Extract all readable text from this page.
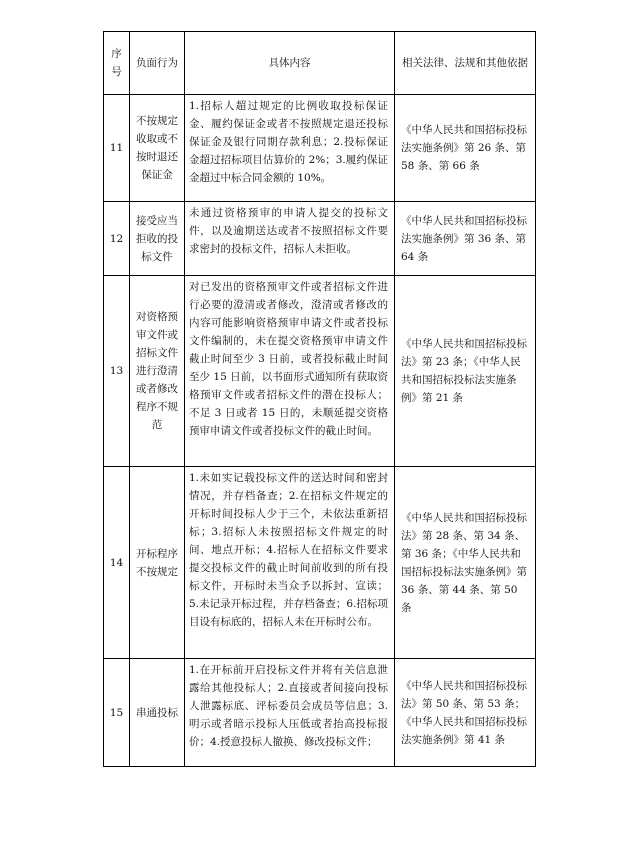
序号	负面行为	具体内容	相关法律、法规和其他依据

11	不按规定收取或不按时退还保证金	1.招标人超过规定的比例收取投标保证金、履约保证金或者不按照规定退还投标保证金及银行同期存款利息；2.投标保证金超过招标项目估算价的 2%；3.履约保证金超过中标合同金额的 10%。	《中华人民共和国招标投标法实施条例》第 26 条、第 58 条、第 66 条

12	接受应当拒收的投标文件	未通过资格预审的申请人提交的投标文件，以及逾期送达或者不按照招标文件要求密封的投标文件，招标人未拒收。	《中华人民共和国招标投标法实施条例》第 36 条、第 64 条

13	对资格预审文件或招标文件进行澄清或者修改程序不规范	对已发出的资格预审文件或者招标文件进行必要的澄清或者修改，澄清或者修改的内容可能影响资格预审申请文件或者投标文件编制的，未在提交资格预审申请文件截止时间至少 3 日前，或者投标截止时间至少 15 日前，以书面形式通知所有获取资格预审文件或者招标文件的潜在投标人；不足 3 日或者 15 日的，未顺延提交资格预审申请文件或者投标文件的截止时间。	《中华人民共和国招标投标法》第 23 条；《中华人民共和国招标投标法实施条例》第 21 条

14	开标程序不按规定	1.未如实记载投标文件的送达时间和密封情况，并存档备查；2.在招标文件规定的开标时间投标人少于三个，未依法重新招标；3.招标人未按照招标文件规定的时间、地点开标；4.招标人在招标文件要求提交投标文件的截止时间前收到的所有投标文件，开标时未当众予以拆封、宣读；5.未记录开标过程，并存档备查；6.招标项目设有标底的，招标人未在开标时公布。	《中华人民共和国招标投标法》第 28 条、第 34 条、第 36 条；《中华人民共和国招标投标法实施条例》第 36 条、第 44 条、第 50 条

15	串通投标	1.在开标前开启投标文件并将有关信息泄露给其他投标人；2.直接或者间接向投标人泄露标底、评标委员会成员等信息；3.明示或者暗示投标人压低或者抬高投标报价；4.授意投标人撤换、修改投标文件；	《中华人民共和国招标投标法》第 50 条、第 53 条；《中华人民共和国招标投标法实施条例》第 41 条
